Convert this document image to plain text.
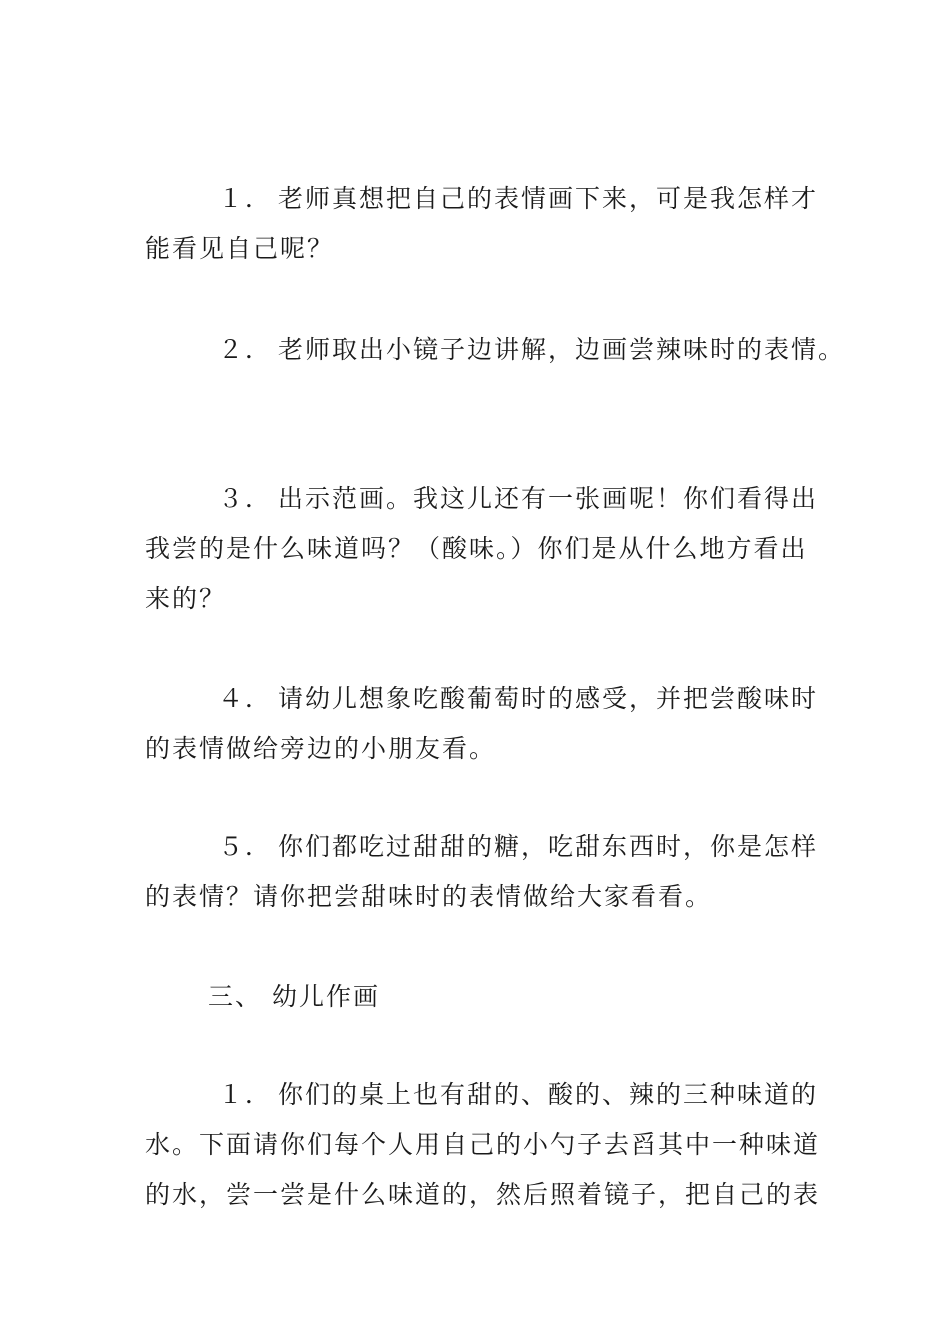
１． 老师真想把自己的表情画下来，可是我怎样才
能看见自己呢？
２． 老师取出小镜子边讲解，边画尝辣味时的表情。
３． 出示范画。我这儿还有一张画呢！你们看得出
我尝的是什么味道吗？（酸味。）你们是从什么地方看出
来的？
４． 请幼儿想象吃酸葡萄时的感受，并把尝酸味时
的表情做给旁边的小朋友看。
５． 你们都吃过甜甜的糖，吃甜东西时，你是怎样
的表情？请你把尝甜味时的表情做给大家看看。
三、 幼儿作画
１． 你们的桌上也有甜的、酸的、辣的三种味道的
水。下面请你们每个人用自己的小勺子去舀其中一种味道
的水，尝一尝是什么味道的，然后照着镜子，把自己的表
